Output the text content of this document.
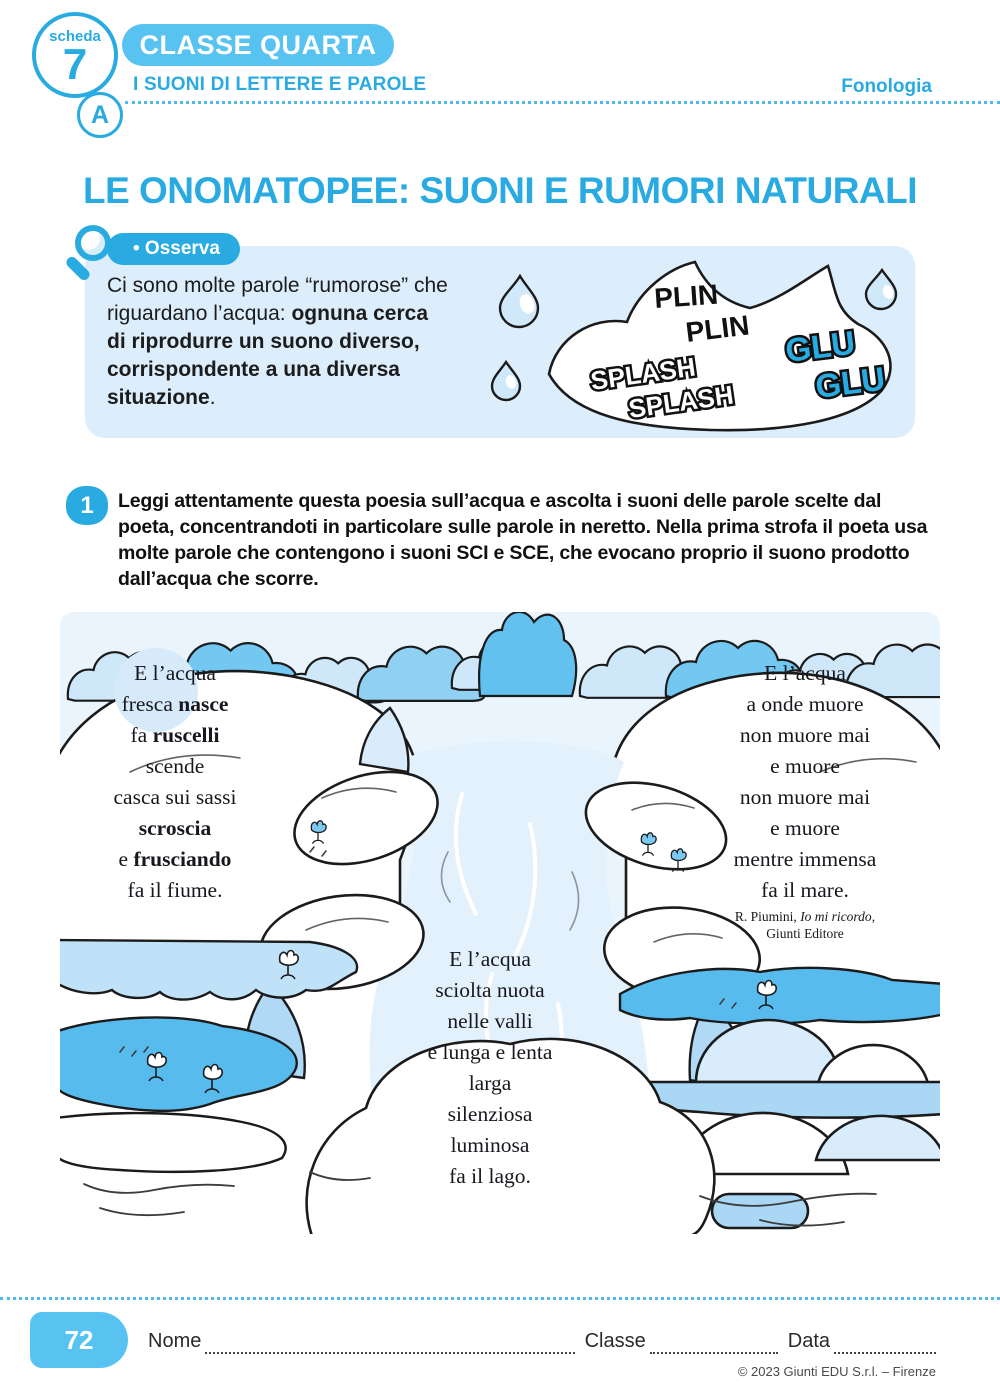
CLASSE QUARTA
scheda
7
A
I SUONI DI LETTERE E PAROLE	Fonologia
LE ONOMATOPEE: SUONI E RUMORI NATURALI
• Osserva

Ci sono molte parole “rumorose” che riguardano l’acqua: ognuna cerca di riprodurre un suono diverso, corrispondente a una diversa situazione.

PLIN
PLIN
SPLASH
SPLASH
GLU
GLU
1 Leggi attentamente questa poesia sull’acqua e ascolta i suoni delle parole scelte dal poeta, concentrandoti in particolare sulle parole in neretto. Nella prima strofa il poeta usa molte parole che contengono i suoni SCI e SCE, che evocano proprio il suono prodotto dall’acqua che scorre.

E l’acqua
fresca nasce
fa ruscelli
scende
casca sui sassi
scroscia
e frusciando
fa il fiume.
E l’acqua
a onde muore
non muore mai
e muore
non muore mai
e muore
mentre immensa
fa il mare.
R. Piumini, Io mi ricordo,
Giunti Editore
E l’acqua
sciolta nuota
nelle valli
e lunga e lenta
larga
silenziosa
luminosa
fa il lago.
72	Nome	Classe	Data
© 2023 Giunti EDU S.r.l. – Firenze
